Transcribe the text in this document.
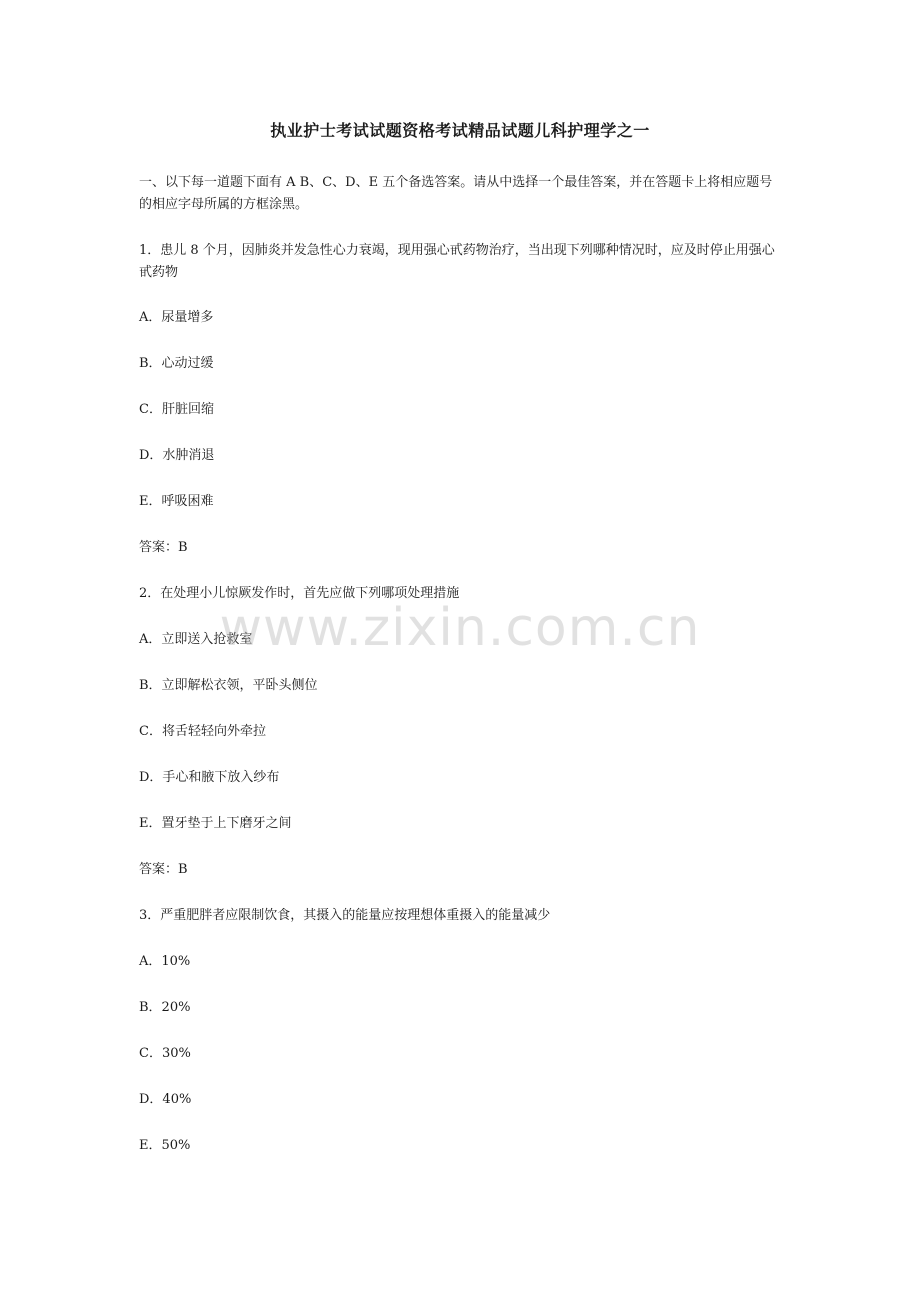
执业护士考试试题资格考试精品试题儿科护理学之一

一、以下每一道题下面有 A B、C、D、E 五个备选答案。请从中选择一个最佳答案，并在答题卡上将相应题号的相应字母所属的方框涂黑。

1．患儿 8 个月，因肺炎并发急性心力衰竭，现用强心甙药物治疗，当出现下列哪种情况时，应及时停止用强心甙药物

A．尿量增多
B．心动过缓
C．肝脏回缩
D．水肿消退
E．呼吸困难
答案：B
2．在处理小儿惊厥发作时，首先应做下列哪项处理措施
A．立即送入抢救室
B．立即解松衣领，平卧头侧位
C．将舌轻轻向外牵拉
D．手心和腋下放入纱布
E．置牙垫于上下磨牙之间
答案：B
3．严重肥胖者应限制饮食，其摄入的能量应按理想体重摄入的能量减少
A．10%
B．20%
C．30%
D．40%
E．50%
www.zixin.com.cn
